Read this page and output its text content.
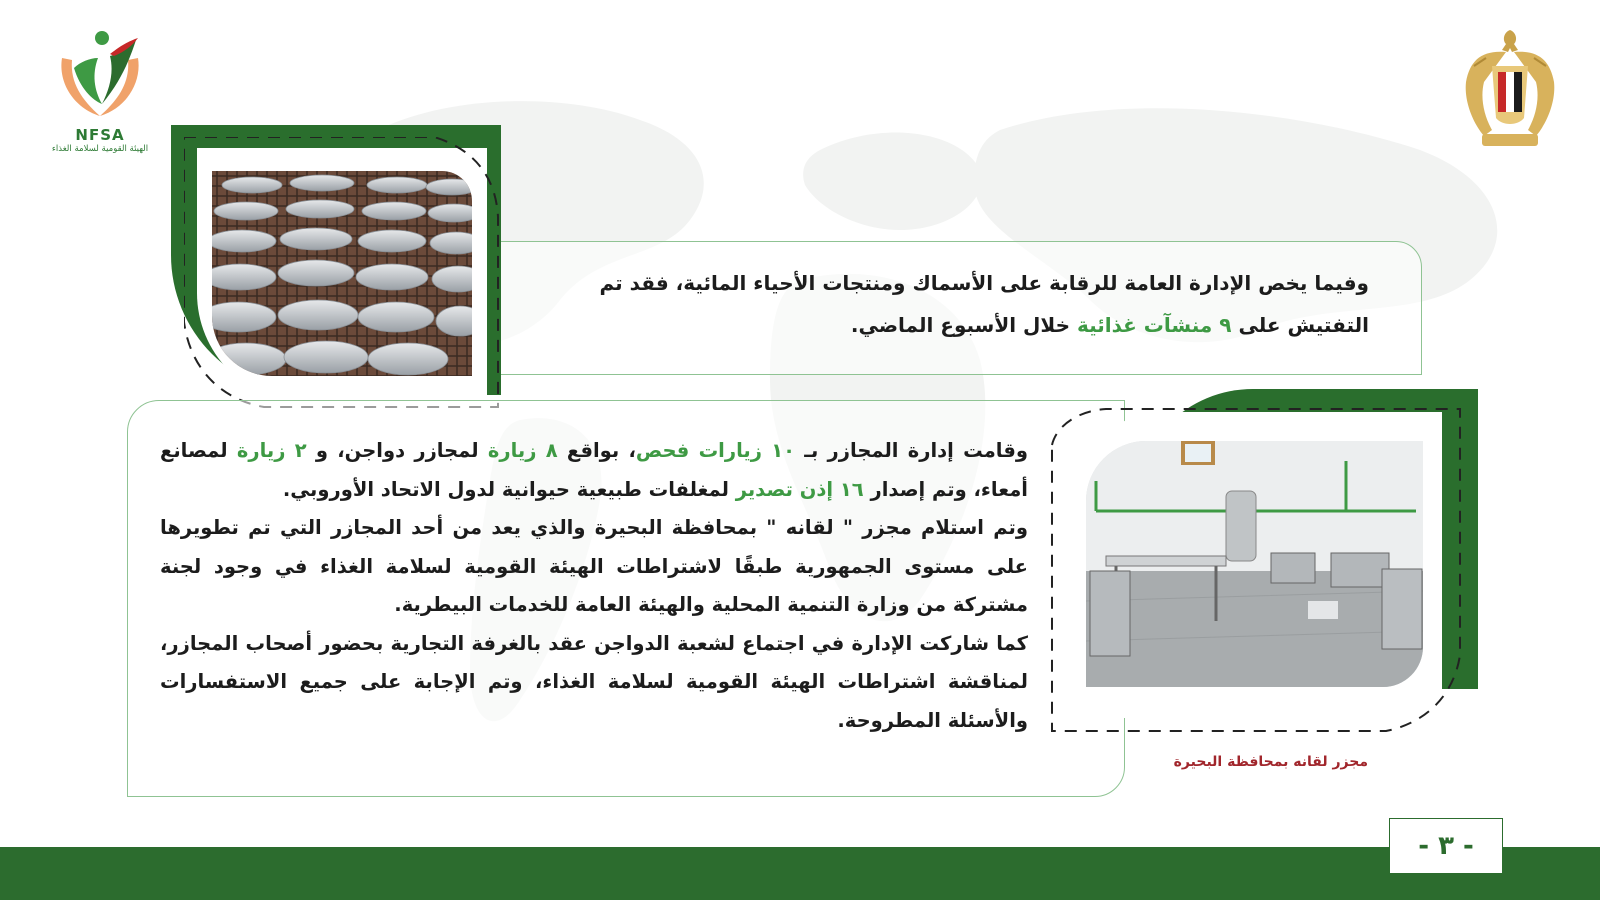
NFSA
الهيئة القومية لسلامة الغذاء
وفيما يخص الإدارة العامة للرقابة على الأسماك ومنتجات الأحياء المائية، فقد تم التفتيش على ٩ منشآت غذائية خلال الأسبوع الماضي.
وقامت إدارة المجازر بـ ١٠ زيارات فحص، بواقع ٨ زيارة لمجازر دواجن، و ٢ زيارة لمصانع أمعاء، وتم إصدار ١٦ إذن تصدير لمغلفات طبيعية حيوانية لدول الاتحاد الأوروبي.
وتم استلام مجزر " لقانه " بمحافظة البحيرة والذي يعد من أحد المجازر التي تم تطويرها على مستوى الجمهورية طبقًا لاشتراطات الهيئة القومية لسلامة الغذاء في وجود لجنة مشتركة من وزارة التنمية المحلية والهيئة العامة للخدمات البيطرية.
كما شاركت الإدارة في اجتماع لشعبة الدواجن عقد بالغرفة التجارية بحضور أصحاب المجازر، لمناقشة اشتراطات الهيئة القومية لسلامة الغذاء، وتم الإجابة على جميع الاستفسارات والأسئلة المطروحة.
مجزر لقانه بمحافظة البحيرة
- ٣ -
